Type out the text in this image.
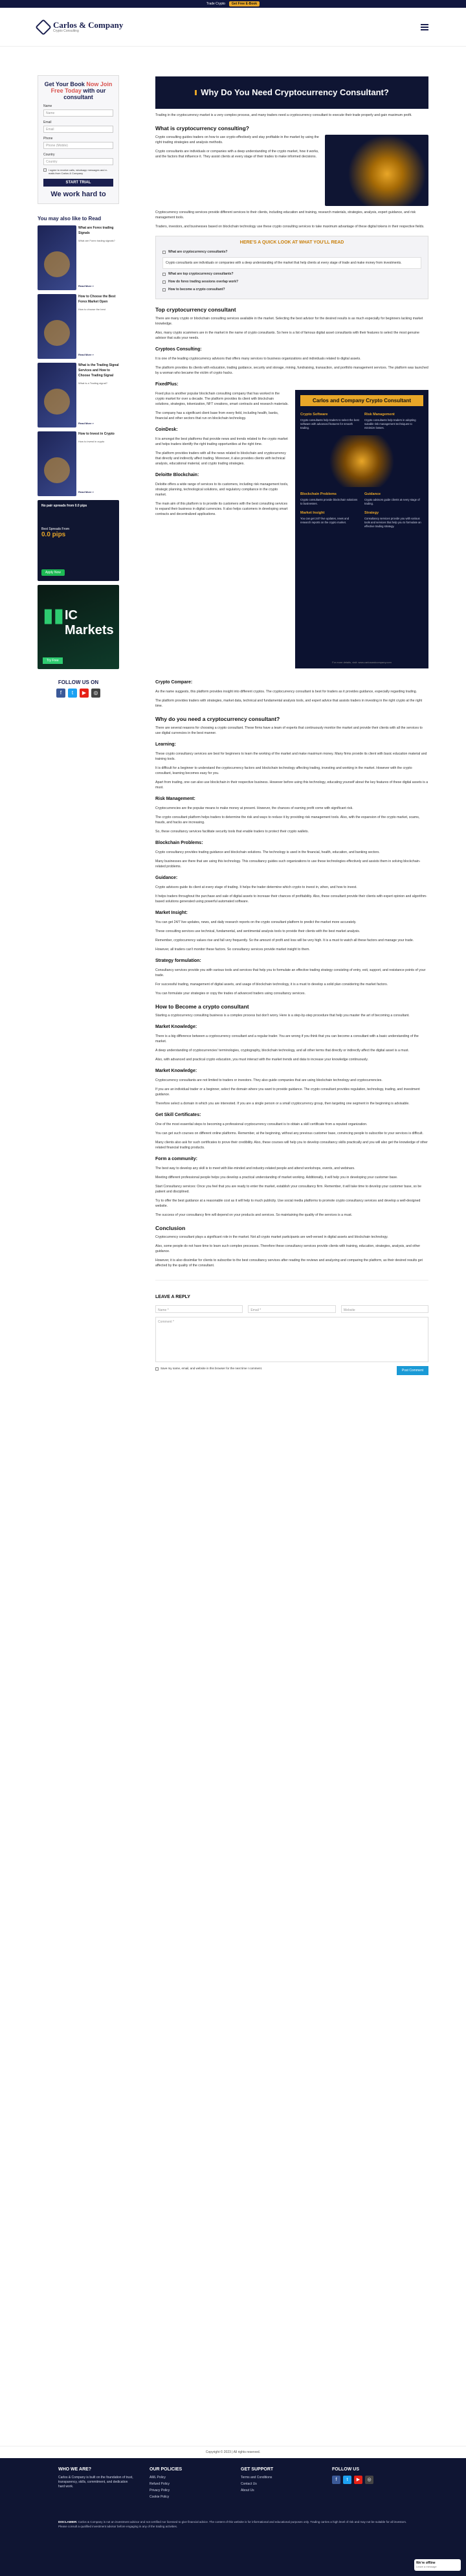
Trade Crypto	Get Free E-Book
Carlos & Company
Crypto Consulting
Get Your Book Now Join Free Today with our consultant
Name
Name
Email
Email
Phone
Phone (Mobile)
Country
Country
I agree to receive calls, whatsapp messages and e-mails from Carlos & Company
START TRIAL
We work hard to
You may also like to Read
What are Forex trading Signals
What are Forex trading signals?
Read More »
How to Choose the Best Forex Market Open
How to choose the best
Read More »
What is the Trading Signal Services and How to Choose Trading Signal
What is a Trading signal?
Read More »
How to Invest in Crypto
How to invest in crypto
Read More »
No pair spreads from 0.0 pips
Best Spreads From
0.0 pips
Apply Now
▮▮ IC Markets
Try Free
FOLLOW US ON
f	t	▶	◎
Why Do You Need Cryptocurrency Consultant?

Trading in the cryptocurrency market is a very complex process, and many traders need a cryptocurrency consultant to execute their trade properly and gain maximum profit.

What is cryptocurrency consulting?

Crypto consulting guides traders on how to use crypto effectively and stay profitable in the market by using the right trading strategies and analysis methods.

Crypto consultants are individuals or companies with a deep understanding of the crypto market, how it works, and the factors that influence it. They assist clients at every stage of their trades to make informed decisions.

Cryptocurrency consulting services provide different services to their clients, including education and training, research materials, strategies, analysis, expert guidance, and risk management tools.

Traders, investors, and businesses based on blockchain technology use these crypto consulting services to take maximum advantage of these digital tokens in their respective fields.

HERE'S A QUICK LOOK AT WHAT YOU'LL READ
What are cryptocurrency consultants?
Crypto consultants are individuals or companies with a deep understanding of the market that help clients at every stage of trade and make money from investments.
What are top cryptocurrency consultants?
How do forex trading sessions overlap work?
How to become a crypto consultant?
Top cryptocurrency consultant

There are many crypto or blockchain consulting services available in the market. Selecting the best advisor for the desired results is as much especially for beginners lacking market knowledge.

Also, many crypto scammers are in the market in the name of crypto consultants. So here is a list of famous digital asset consultants with their features to select the most genuine advisor that suits your needs.

Cryptoos Consulting:

It is one of the leading cryptocurrency advisors that offers many services to business organizations and individuals related to digital assets.

The platform provides its clients with education, trading guidance, security and storage, mining, fundraising, transaction, and portfolio management services. The platform was launched by a woman who became the victim of crypto hacks.

FixedPlus:
Carlos and Company Crypto Consultant
Crypto Software
Crypto consultants help traders to select the best software with advanced features for smooth trading.
Risk Management
Crypto consultants help traders in adopting suitable risk management techniques to minimize losses.
Blockchain Problems
Crypto consultants provide blockchain solutions to businesses.
Guidance
Crypto advisors guide clients at every stage of trading.
Market Insight
You can get 24/7 live updates, news and research reports on the crypto market.
Strategy
Consultancy services provide you with various tools and services that help you to formulate an effective trading strategy.
For more details, visit: www.carlosandcompany.com

Fixed plus is another popular blockchain consulting company that has worked in the crypto market for over a decade. The platform provides its client with blockchain solutions, strategies, tokenization, NFT creations, smart contracts and research materials.

The company has a significant client base from every field, including health, banks, financial and other sectors that run on blockchain technology.

CoinDesk:

It is amongst the best platforms that provide news and trends related to the crypto market and helps traders identify the right trading opportunities at the right time.

The platform provides traders with all the news related to blockchain and cryptocurrency that directly and indirectly affect trading. Moreover, it also provides clients with technical analysis, educational material, and crypto trading strategies.

Deloitte Blockchain:

Deloitte offers a wide range of services to its customers, including risk management tools, strategic planning, technological solutions, and regulatory compliance in the crypto market.

The main aim of this platform is to provide its customers with the best consulting services to expand their business in digital currencies. It also helps customers in developing smart contracts and decentralized applications.

Crypto Compare:

As the name suggests, this platform provides insight into different cryptos. The cryptocurrency consultant is best for traders as it provides guidance, especially regarding trading.

The platform provides traders with strategies, market data, technical and fundamental analysis tools, and expert advice that assists traders in investing in the right crypto at the right time.

Why do you need a cryptocurrency consultant?

There are several reasons for choosing a crypto consultant. These firms have a team of experts that continuously monitor the market and provide their clients with all the services to use digital currencies in the best manner.

Learning:

These crypto consultancy services are best for beginners to learn the working of the market and make maximum money. Many firms provide its client with basic education material and training tools.

It is difficult for a beginner to understand the cryptocurrency factors and blockchain technology affecting trading, investing and working in the market. However with the crypto consultant, learning becomes easy for you.

Apart from trading, one can also use blockchain in their respective business. However before using this technology, educating yourself about the key features of these digital assets is a must.

Risk Management:

Cryptocurrencies are the popular means to make money at present. However, the chances of earning profit come with significant risk.

The crypto consultant platform helps traders to determine the risk and ways to reduce it by providing risk management tools. Also, with the expansion of the crypto market, scams, frauds, and hacks are increasing.

So, these consultancy services facilitate security tools that enable traders to protect their crypto wallets.

Blockchain Problems:

Crypto consultancy provides trading guidance and blockchain solutions. The technology is used in the financial, health, education, and banking sectors.

Many businesses are there that are using this technology. This consultancy guides such organizations to use these technologies effectively and assists them in solving blockchain-related problems.

Guidance:

Crypto advisors guide its client at every stage of trading. It helps the trader determine which crypto to invest in, when, and how to invest.

It helps traders throughout the purchase and sale of digital assets to increase their chances of profitability. Also, these consultant provide their clients with expert opinion and algorithm-based solutions generated using powerful automated software.

Market Insight:

You can get 24/7 live updates, news, and daily research reports on the crypto consultant platform to predict the market more accurately.

These consulting services use technical, fundamental, and sentimental analysis tools to provide their clients with the best market analysis.

Remember, cryptocurrency values rise and fall very frequently. So the amount of profit and loss will be very high. It is a must to watch all these factors and manage your trade.

However, all traders can't monitor these factors. So consultancy services provide market insight to them.

Strategy formulation:

Consultancy services provide you with various tools and services that help you to formulate an effective trading strategy consisting of entry, exit, support, and resistance points of your trade.

For successful trading, management of digital assets, and usage of blockchain technology, it is a must to develop a solid plan considering the market factors.

You can formulate your strategies or copy the trades of advanced traders using consultancy services.

How to Become a crypto consultant

Starting a cryptocurrency consulting business is a complex process but don't worry. Here is a step-by-step procedure that help you master the art of becoming a consultant.

Market Knowledge:

There is a big difference between a cryptocurrency consultant and a regular trader. You are wrong if you think that you can become a consultant with a basic understanding of the market.

A deep understanding of cryptocurrencies' terminologies, cryptography, blockchain technology, and all other terms that directly or indirectly affect the digital asset is a must.

Also, with advanced and practical crypto education, you must interact with the market trends and data to increase your knowledge continuously.

Market Knowledge:

Cryptocurrency consultants are not limited to traders or investors. They also guide companies that are using blockchain technology and cryptocurrencies.

If you are an individual trader or a beginner, select the domain where you want to provide guidance. The crypto consultant provides regulation, technology, trading, and investment guidance.

Therefore select a domain in which you are interested. If you are a single person or a small cryptocurrency group, then targeting one segment in the beginning is advisable.

Get Skill Certificates:

One of the most essential steps to becoming a professional cryptocurrency consultant is to obtain a skill certificate from a reputed organization.

You can get such courses on different online platforms. Remember, at the beginning, without any previous customer base, convincing people to subscribe to your services is difficult.

Many clients also ask for such certificates to prove their credibility. Also, these courses will help you to develop consultancy skills practically and you will also get the knowledge of other related financial trading products.

Form a community:

The best way to develop any skill is to meet with like-minded and industry-related people and attend workshops, events, and webinars.

Meeting different professional people helps you develop a practical understanding of market working. Additionally, it will help you in developing your customer base.

Start Consultancy services: Once you feel that you are ready to enter the market, establish your consultancy firm. Remember, it will take time to develop your customer base, so be patient and disciplined.

Try to offer the best guidance at a reasonable cost as it will help to much publicity. Use social media platforms to promote crypto consultancy services and develop a well-designed website.

The success of your consultancy firm will depend on your products and services. So maintaining the quality of the services is a must.

Conclusion

Cryptocurrency consultant plays a significant role in the market. Not all crypto market participants are well-versed in digital assets and blockchain technology.

Also, some people do not have time to learn such complex processes. Therefore these consultancy services provide clients with training, education, strategies, analysis, and other guidance.

However, it is also dissimilar for clients to subscribe to the best consultancy services after reading the reviews and analyzing and comparing the platform, as their desired results get affected by the quality of the consultant.

LEAVE A REPLY
Name *	Email *	Website
Comment *
Save my name, email, and website in this browser for the next time I comment.
Post Comment
Copyright © 2023 | All rights reserved.
WHO WE ARE?
Carlos & Company is built on the foundation of trust, transparency, skills, commitment, and dedication hard work.
OUR POLICIES
AML Policy
Refund Policy
Privacy Policy
Cookie Policy
GET SUPPORT
Terms and Conditions
Contact Us
About Us
FOLLOW US
f	t	▶	◎
DISCLAIMER: Carlos & Company is not an investment advisor and not certified nor licensed to give financial advice. The content of this website is for informational and educational purposes only. Trading carries a high level of risk and may not be suitable for all investors. Please consult a qualified investment advisor before engaging in any of the trading activities.
We're offline
Leave a message
